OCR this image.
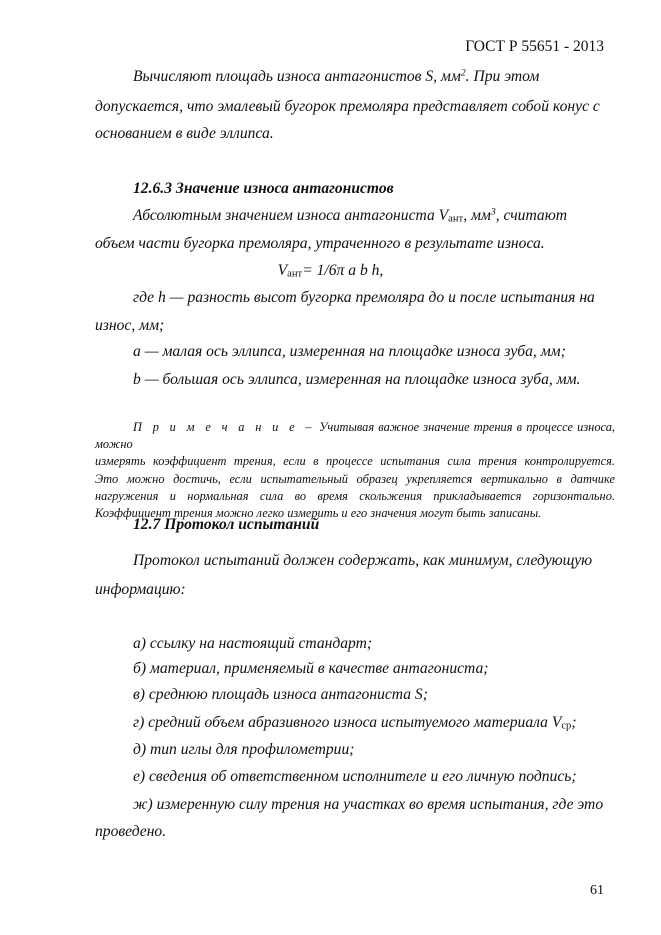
ГОСТ Р 55651 - 2013
Вычисляют площадь износа антагонистов S, $мм^2$. При этом
допускается, что эмалевый бугорок премоляра представляет собой конус с
основанием в виде эллипса.
12.6.3 Значение износа антагонистов
Абсолютным значением износа антагониста $V_{ант}$, $мм^3$, считают
объем части бугорка премоляра, утраченного в результате износа.
$V_{ант}= 1/6\pi$ a b h,
где h — разность высот бугорка премоляра до и после испытания на
износ, мм;
а — малая ось эллипса, измеренная на площадке износа зуба, мм;
b — большая ось эллипса, измеренная на площадке износа зуба, мм.

П р и м е ч а н и е – Учитывая важное значение трения в процессе износа, можно

измерять коэффициент трения, если в процессе испытания сила трения контролируется.

Это можно достичь, если испытательный образец укрепляется вертикально в датчике

нагружения и нормальная сила во время скольжения прикладывается горизонтально.

Коэффициент трения можно легко измерить и его значения могут быть записаны.

12.7 Протокол испытаний
Протокол испытаний должен содержать, как минимум, следующую
информацию:
а) ссылку на настоящий стандарт;
б) материал, применяемый в качестве антагониста;
в) среднюю площадь износа антагониста S;
г) средний объем абразивного износа испытуемого материала $V_{ср}$;
д) тип иглы для профилометрии;
е) сведения об ответственном исполнителе и его личную подпись;
ж) измеренную силу трения на участках во время испытания, где это
проведено.
61
